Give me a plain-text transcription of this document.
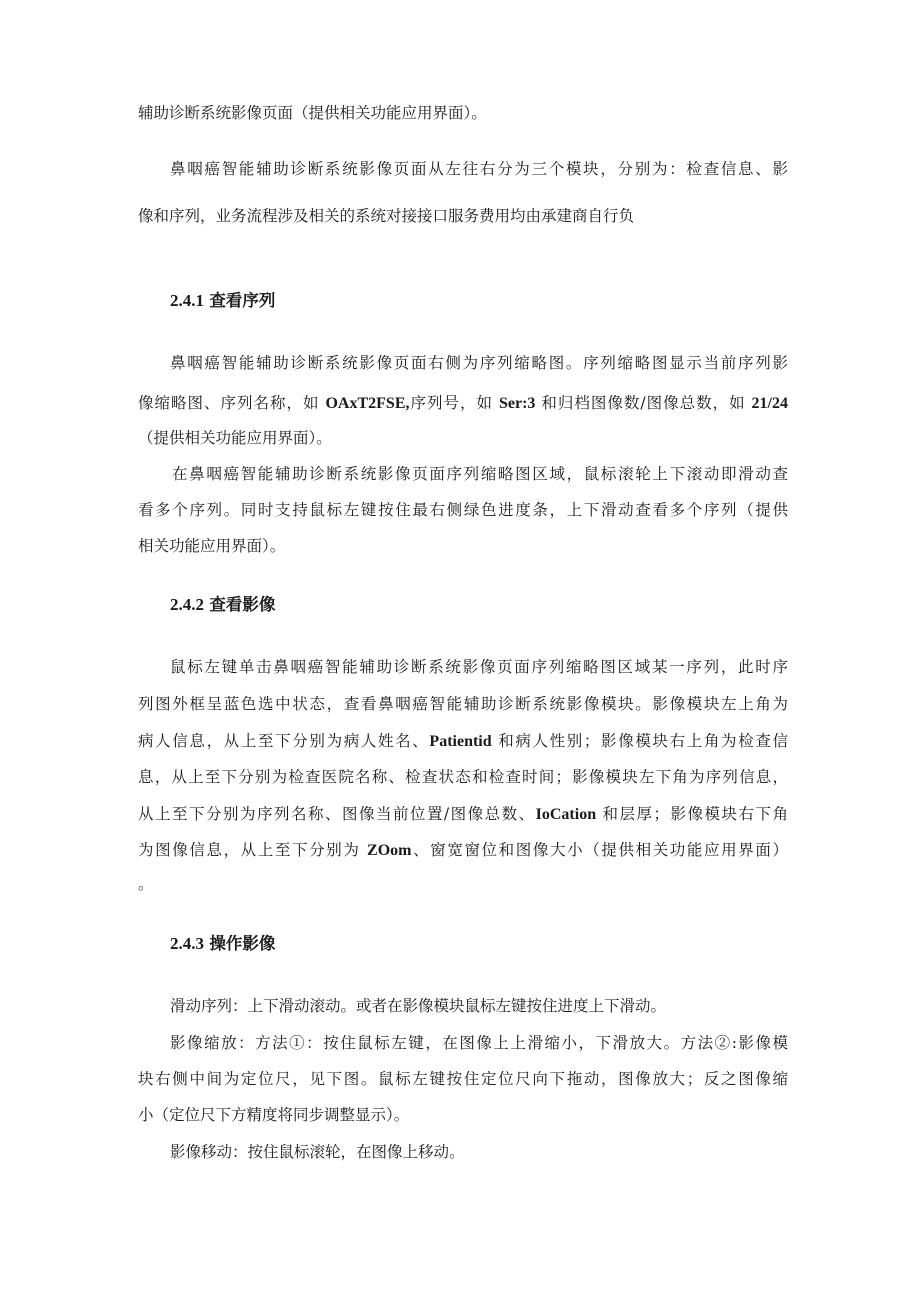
辅助诊断系统影像页面（提供相关功能应用界面）。
鼻咽癌智能辅助诊断系统影像页面从左往右分为三个模块，分别为：检查信息、影
像和序列，业务流程涉及相关的系统对接接口服务费用均由承建商自行负
2.4.1 查看序列
鼻咽癌智能辅助诊断系统影像页面右侧为序列缩略图。序列缩略图显示当前序列影
像缩略图、序列名称，如 OAxT2FSE,序列号，如 Ser:3 和归档图像数/图像总数，如 21/24
（提供相关功能应用界面）。
在鼻咽癌智能辅助诊断系统影像页面序列缩略图区域，鼠标滚轮上下滚动即滑动查
看多个序列。同时支持鼠标左键按住最右侧绿色进度条，上下滑动查看多个序列（提供
相关功能应用界面）。
2.4.2 查看影像
鼠标左键单击鼻咽癌智能辅助诊断系统影像页面序列缩略图区域某一序列，此时序
列图外框呈蓝色选中状态，查看鼻咽癌智能辅助诊断系统影像模块。影像模块左上角为
病人信息，从上至下分别为病人姓名、Patientid 和病人性别；影像模块右上角为检查信
息，从上至下分别为检查医院名称、检查状态和检查时间；影像模块左下角为序列信息，
从上至下分别为序列名称、图像当前位置/图像总数、IoCation 和层厚；影像模块右下角
为图像信息，从上至下分别为 ZOom、窗宽窗位和图像大小（提供相关功能应用界面）
。
2.4.3 操作影像
滑动序列：上下滑动滚动。或者在影像模块鼠标左键按住进度上下滑动。
影像缩放：方法①：按住鼠标左键，在图像上上滑缩小，下滑放大。方法②:影像模
块右侧中间为定位尺，见下图。鼠标左键按住定位尺向下拖动，图像放大；反之图像缩
小（定位尺下方精度将同步调整显示）。
影像移动：按住鼠标滚轮，在图像上移动。
